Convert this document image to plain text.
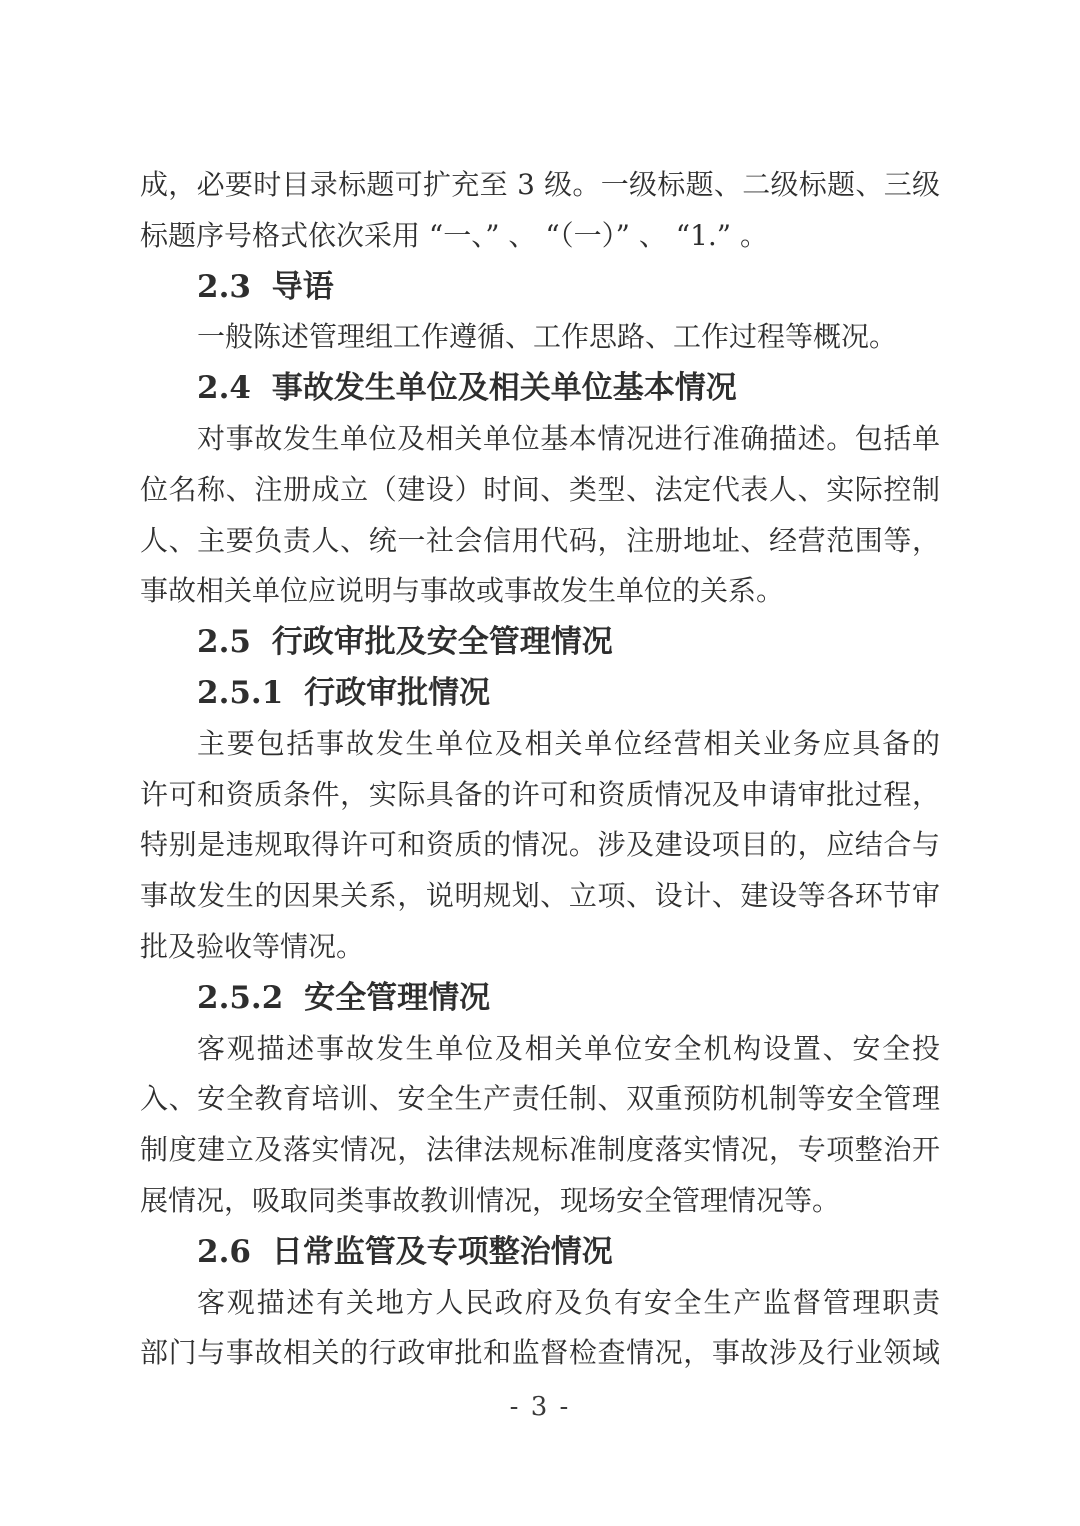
成，必要时目录标题可扩充至 3 级。一级标题、二级标题、三级
标题序号格式依次采用 “一、” 、 “（一）” 、 “1.” 。
2.3 导语
一般陈述管理组工作遵循、工作思路、工作过程等概况。
2.4 事故发生单位及相关单位基本情况
对事故发生单位及相关单位基本情况进行准确描述。包括单
位名称、注册成立（建设）时间、类型、法定代表人、实际控制
人、主要负责人、统一社会信用代码，注册地址、经营范围等，
事故相关单位应说明与事故或事故发生单位的关系。
2.5 行政审批及安全管理情况
2.5.1 行政审批情况
主要包括事故发生单位及相关单位经营相关业务应具备的
许可和资质条件，实际具备的许可和资质情况及申请审批过程，
特别是违规取得许可和资质的情况。涉及建设项目的，应结合与
事故发生的因果关系，说明规划、立项、设计、建设等各环节审
批及验收等情况。
2.5.2 安全管理情况
客观描述事故发生单位及相关单位安全机构设置、安全投
入、安全教育培训、安全生产责任制、双重预防机制等安全管理
制度建立及落实情况，法律法规标准制度落实情况，专项整治开
展情况，吸取同类事故教训情况，现场安全管理情况等。
2.6 日常监管及专项整治情况
客观描述有关地方人民政府及负有安全生产监督管理职责
部门与事故相关的行政审批和监督检查情况，事故涉及行业领域
- 3 -
